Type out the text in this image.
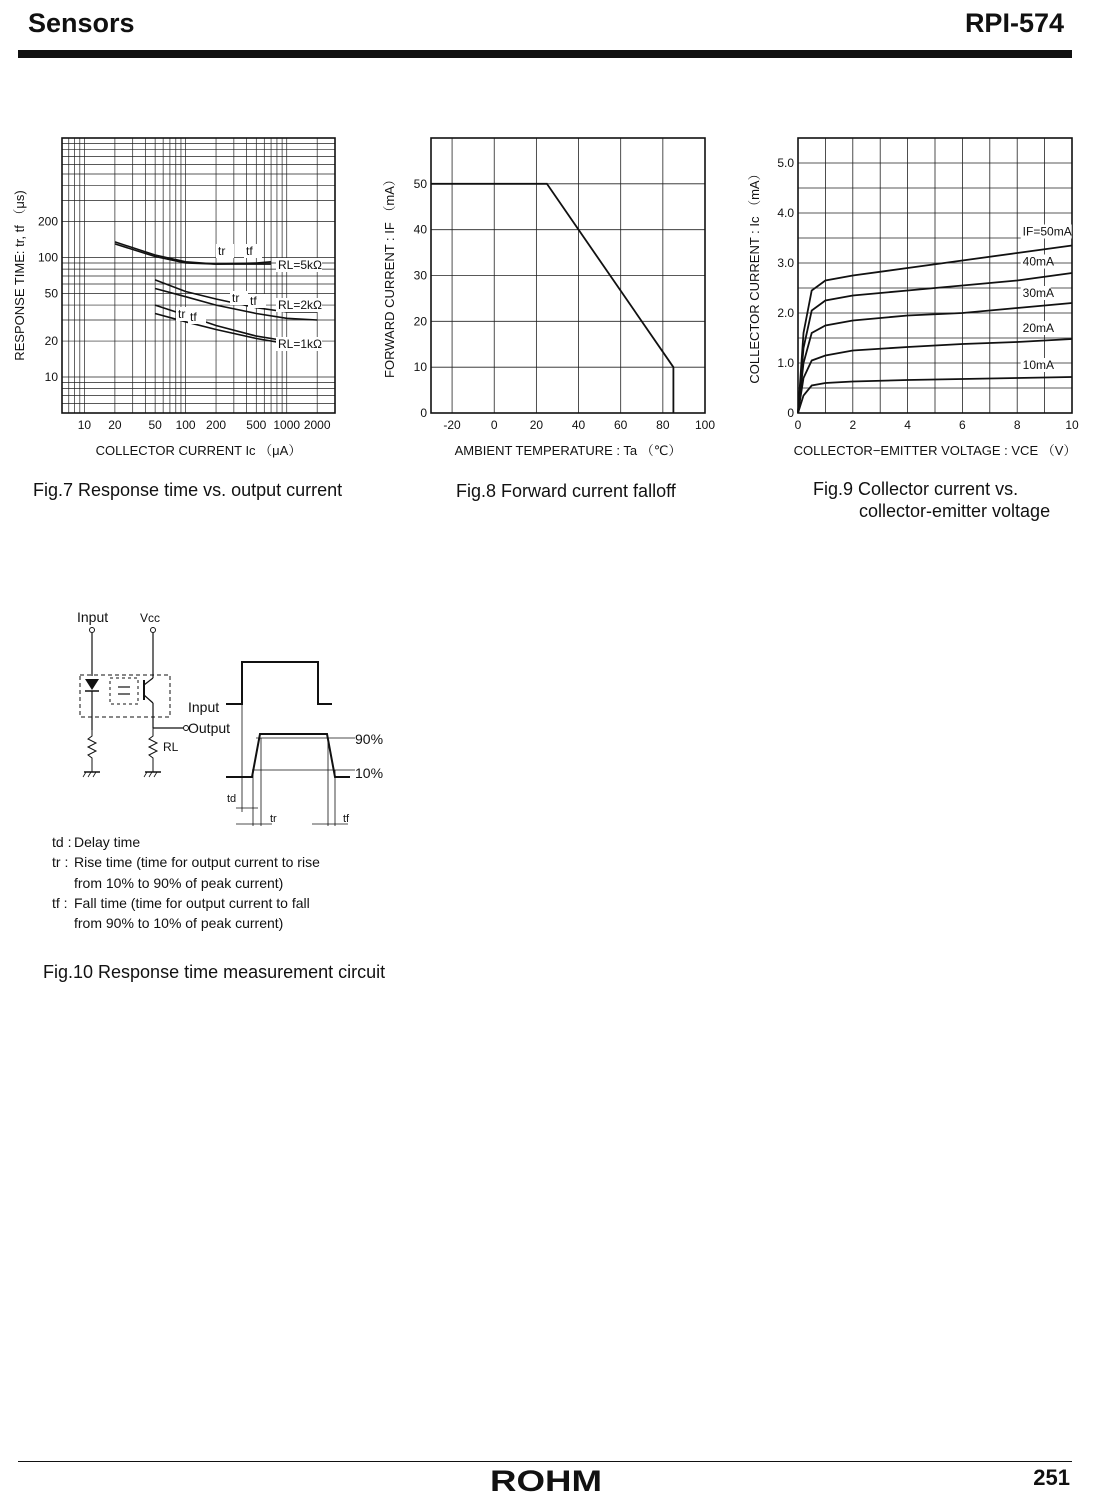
Sensors	RPI-574
10 20 50 100 200 500 1000 2000
10
20
50
100
200
COLLECTOR CURRENT Ic （μA）
RESPONSE TIME: tr, tf （μs)	RL=5kΩ
RL=2kΩ
RL=1kΩ
tr tf
tr tf
tr tf
Fig.7 Response time vs. output current
-20	0	20 40 60 80 100
0
10
20
30
40
50
AMBIENT TEMPERATURE : Ta （℃）
FORWARD CURRENT : IF （mA）
Fig.8 Forward current falloff
0	2	4	6	8	10
0
1.0
2.0
3.0
4.0
5.0
COLLECTOR−EMITTER VOLTAGE : VCE （V）
COLLECTOR CURRENT : Ic （mA）	IF=50mA
40mA
30mA
20mA
10mA
Fig.9 Collector current vs.
collector-emitter voltage
Input	Vcc
Input
Output
RL	90%
10%
td
tr	tf
td : Delay time
tr : Rise time (time for output current to rise
from 10% to 90% of peak current)
tf : Fall time (time for output current to fall
from 90% to 10% of peak current)
Fig.10 Response time measurement circuit
ROHM	251
